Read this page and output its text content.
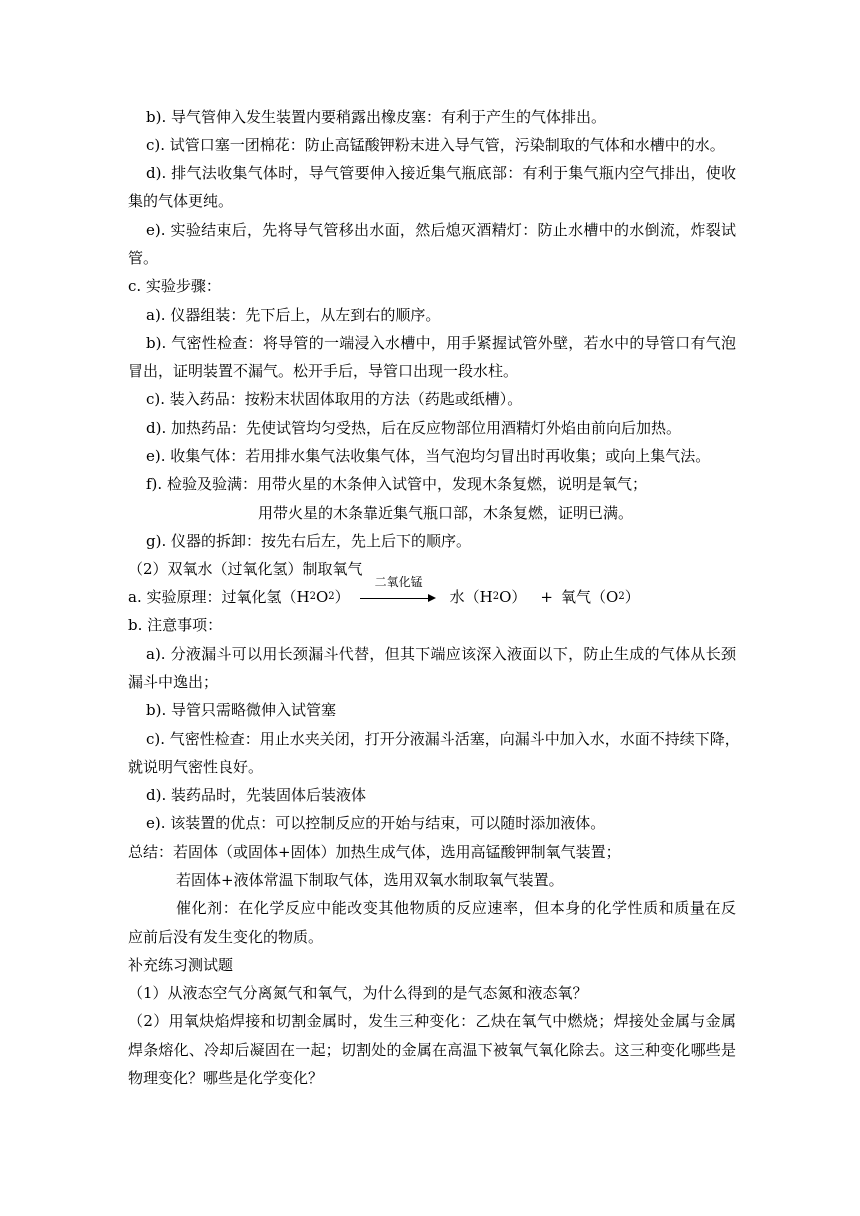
b). 导气管伸入发生装置内要稍露出橡皮塞：有利于产生的气体排出。
c). 试管口塞一团棉花：防止高锰酸钾粉末进入导气管，污染制取的气体和水槽中的水。
d). 排气法收集气体时，导气管要伸入接近集气瓶底部：有利于集气瓶内空气排出，使收
集的气体更纯。
e). 实验结束后，先将导气管移出水面，然后熄灭酒精灯：防止水槽中的水倒流，炸裂试
管。
c. 实验步骤：
a). 仪器组装：先下后上，从左到右的顺序。
b). 气密性检查：将导管的一端浸入水槽中，用手紧握试管外壁，若水中的导管口有气泡
冒出，证明装置不漏气。松开手后，导管口出现一段水柱。
c). 装入药品：按粉末状固体取用的方法（药匙或纸槽）。
d). 加热药品：先使试管均匀受热，后在反应物部位用酒精灯外焰由前向后加热。
e). 收集气体：若用排水集气法收集气体，当气泡均匀冒出时再收集；或向上集气法。
f). 检验及验满：用带火星的木条伸入试管中，发现木条复燃，说明是氧气；
用带火星的木条靠近集气瓶口部，木条复燃，证明已满。
g). 仪器的拆卸：按先右后左，先上后下的顺序。
（2）双氧水（过氧化氢）制取氧气
a. 实验原理：过氧化氢（H 2 O 2 ）
二氧化锰
水（H 2 O） + 氧气（O 2 ）
b. 注意事项：
a). 分液漏斗可以用长颈漏斗代替，但其下端应该深入液面以下，防止生成的气体从长颈
漏斗中逸出；
b). 导管只需略微伸入试管塞
c). 气密性检查：用止水夹关闭，打开分液漏斗活塞，向漏斗中加入水，水面不持续下降，
就说明气密性良好。
d). 装药品时，先装固体后装液体
e). 该装置的优点：可以控制反应的开始与结束，可以随时添加液体。
总结：若固体（或固体+固体）加热生成气体，选用高锰酸钾制氧气装置；
若固体+液体常温下制取气体，选用双氧水制取氧气装置。
催化剂：在化学反应中能改变其他物质的反应速率，但本身的化学性质和质量在反
应前后没有发生变化的物质。
补充练习测试题
（1）从液态空气分离氮气和氧气，为什么得到的是气态氮和液态氧？
（2）用氧炔焰焊接和切割金属时，发生三种变化：乙炔在氧气中燃烧；焊接处金属与金属
焊条熔化、冷却后凝固在一起；切割处的金属在高温下被氧气氧化除去。这三种变化哪些是
物理变化？哪些是化学变化？
